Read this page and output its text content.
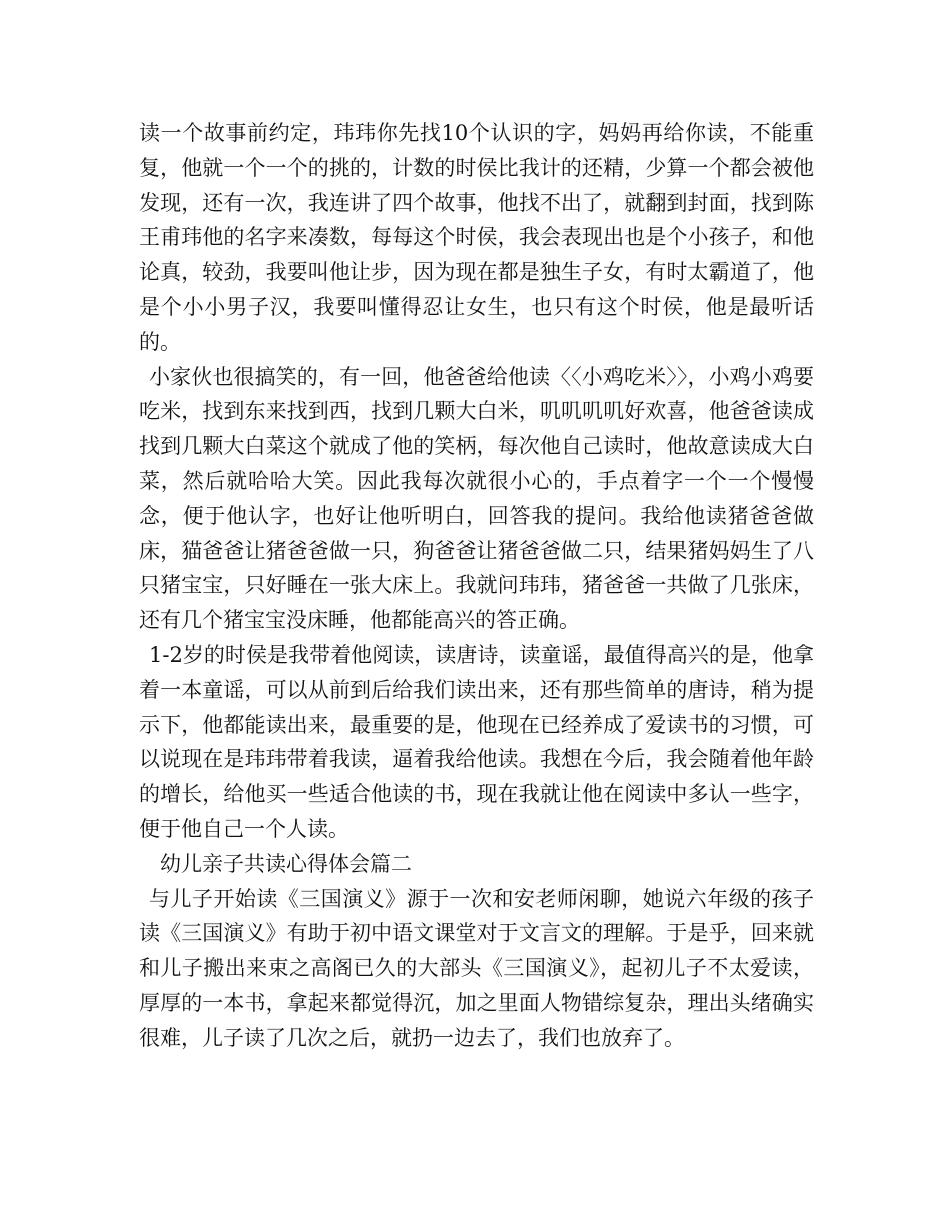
读一个故事前约定，玮玮你先找10个认识的字，妈妈再给你读，不能重复，他就一个一个的挑的，计数的时侯比我计的还精，少算一个都会被他发现，还有一次，我连讲了四个故事，他找不出了，就翻到封面，找到陈王甫玮他的名字来凑数，每每这个时侯，我会表现出也是个小孩子，和他论真，较劲，我要叫他让步，因为现在都是独生子女，有时太霸道了，他是个小小男子汉，我要叫懂得忍让女生，也只有这个时侯，他是最听话的。

小家伙也很搞笑的，有一回，他爸爸给他读〈〈小鸡吃米〉〉，小鸡小鸡要吃米，找到东来找到西，找到几颗大白米，叽叽叽叽好欢喜，他爸爸读成找到几颗大白菜这个就成了他的笑柄，每次他自己读时，他故意读成大白菜，然后就哈哈大笑。因此我每次就很小心的，手点着字一个一个慢慢念，便于他认字，也好让他听明白，回答我的提问。我给他读猪爸爸做床，猫爸爸让猪爸爸做一只，狗爸爸让猪爸爸做二只，结果猪妈妈生了八只猪宝宝，只好睡在一张大床上。我就问玮玮，猪爸爸一共做了几张床，还有几个猪宝宝没床睡，他都能高兴的答正确。

1-2岁的时侯是我带着他阅读，读唐诗，读童谣，最值得高兴的是，他拿着一本童谣，可以从前到后给我们读出来，还有那些简单的唐诗，稍为提示下，他都能读出来，最重要的是，他现在已经养成了爱读书的习惯，可以说现在是玮玮带着我读，逼着我给他读。我想在今后，我会随着他年龄的增长，给他买一些适合他读的书，现在我就让他在阅读中多认一些字，便于他自己一个人读。

幼儿亲子共读心得体会篇二

与儿子开始读《三国演义》源于一次和安老师闲聊，她说六年级的孩子读《三国演义》有助于初中语文课堂对于文言文的理解。于是乎，回来就和儿子搬出来束之高阁已久的大部头《三国演义》，起初儿子不太爱读，厚厚的一本书，拿起来都觉得沉，加之里面人物错综复杂，理出头绪确实很难，儿子读了几次之后，就扔一边去了，我们也放弃了。
